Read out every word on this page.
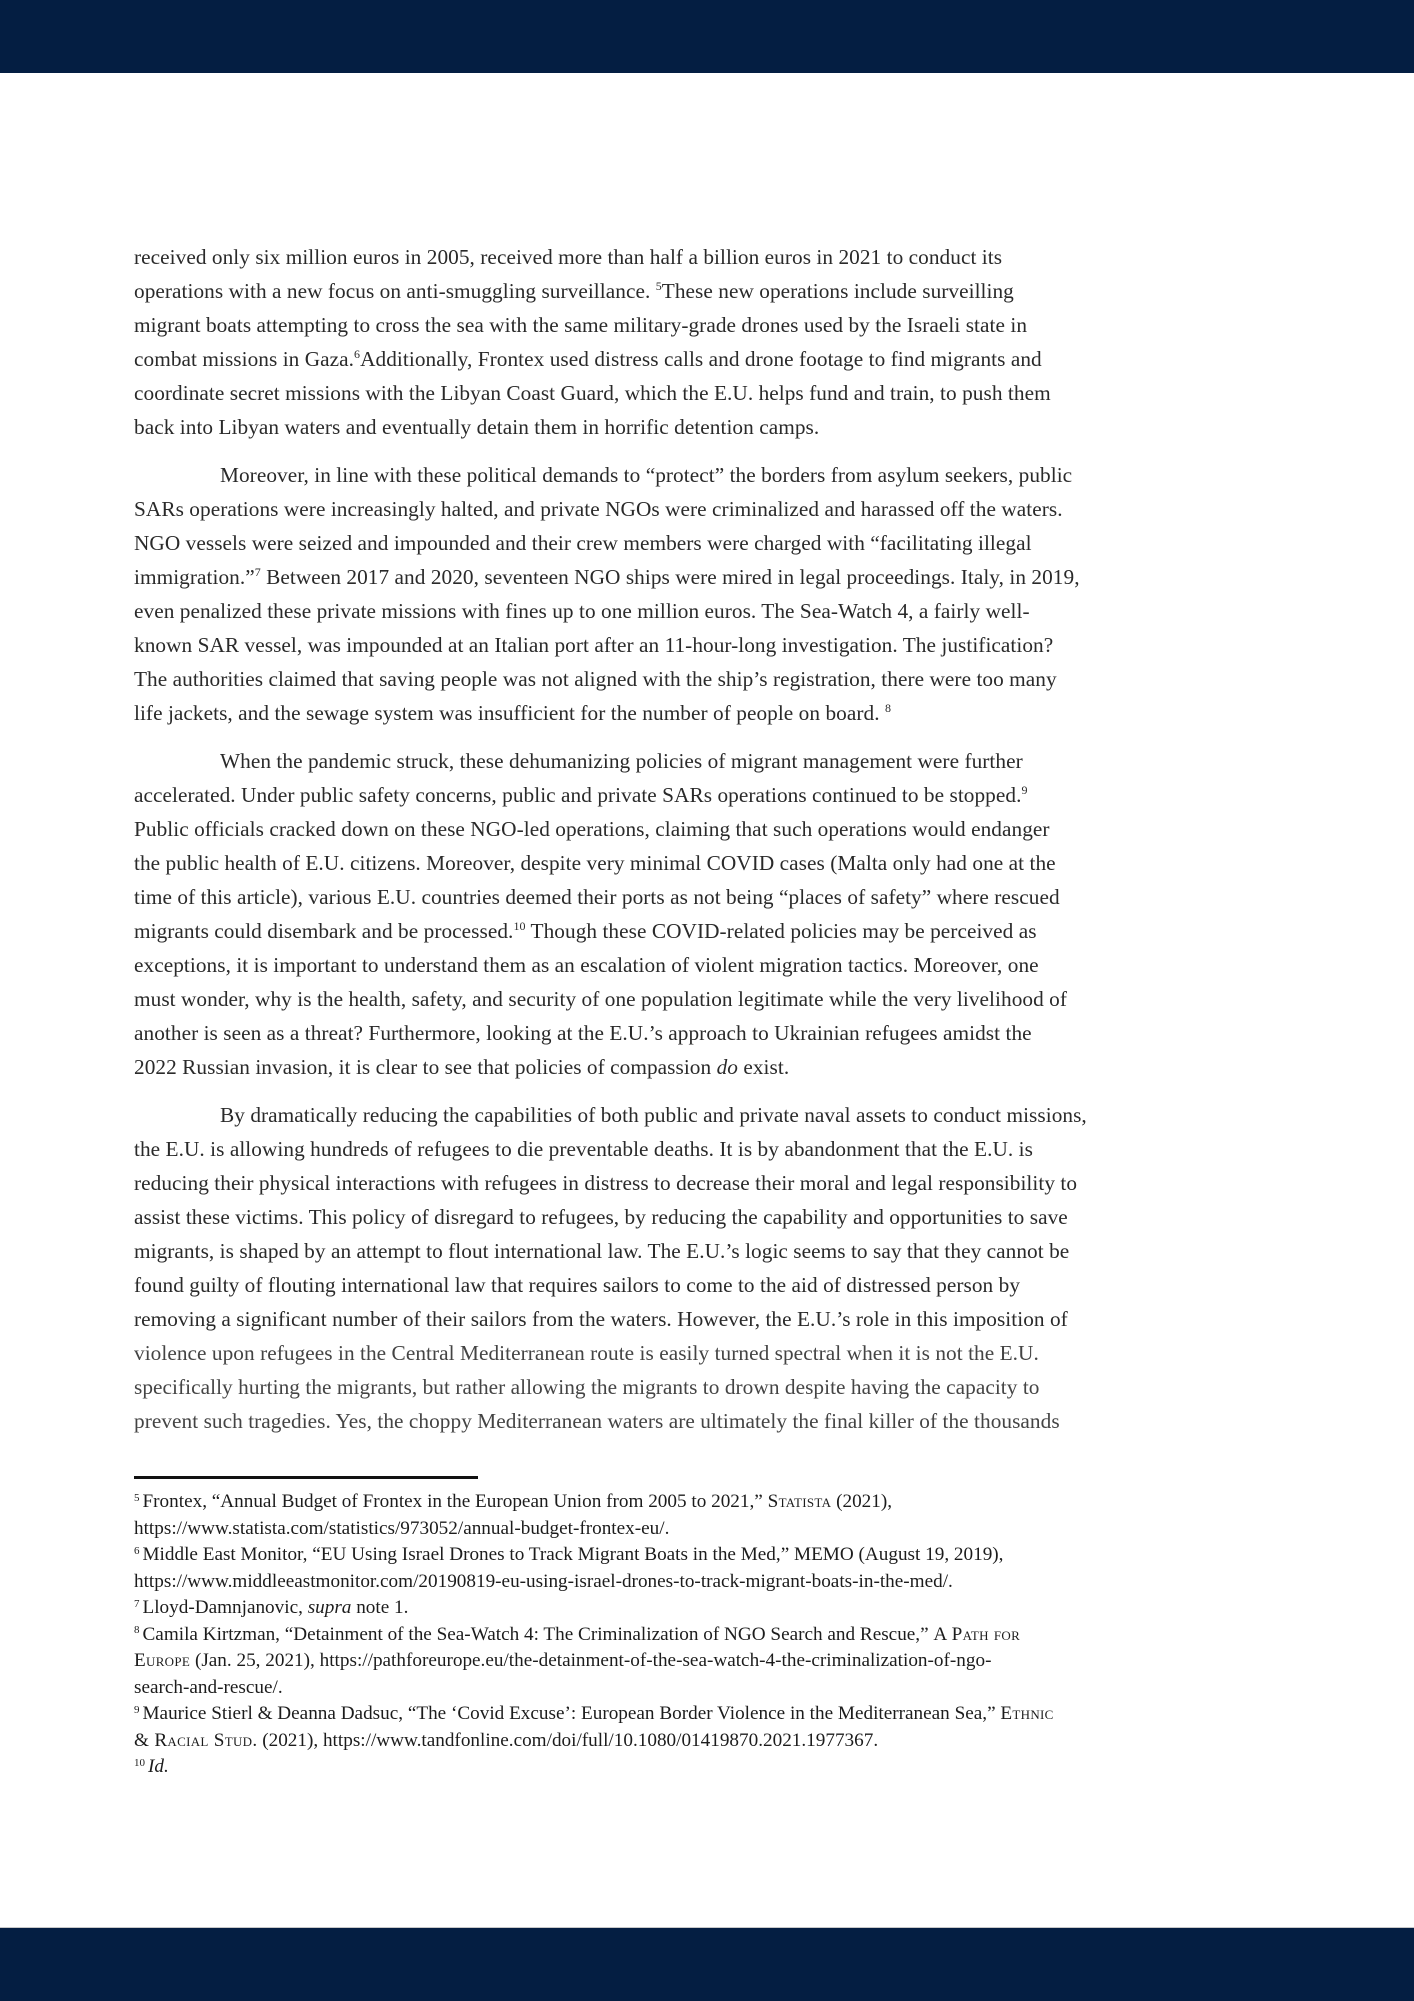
received only six million euros in 2005, received more than half a billion euros in 2021 to conduct its
operations with a new focus on anti-smuggling surveillance. $^5$These new operations include surveilling
migrant boats attempting to cross the sea with the same military-grade drones used by the Israeli state in
combat missions in Gaza.$^6$Additionally, Frontex used distress calls and drone footage to find migrants and
coordinate secret missions with the Libyan Coast Guard, which the E.U. helps fund and train, to push them
back into Libyan waters and eventually detain them in horrific detention camps.
Moreover, in line with these political demands to “protect” the borders from asylum seekers, public
SARs operations were increasingly halted, and private NGOs were criminalized and harassed off the waters.
NGO vessels were seized and impounded and their crew members were charged with “facilitating illegal
immigration.”$^7$ Between 2017 and 2020, seventeen NGO ships were mired in legal proceedings. Italy, in 2019,
even penalized these private missions with fines up to one million euros. The Sea-Watch 4, a fairly well-
known SAR vessel, was impounded at an Italian port after an 11-hour-long investigation. The justification?
The authorities claimed that saving people was not aligned with the ship’s registration, there were too many
life jackets, and the sewage system was insufficient for the number of people on board. $^8$
When the pandemic struck, these dehumanizing policies of migrant management were further
accelerated. Under public safety concerns, public and private SARs operations continued to be stopped.$^9$
Public officials cracked down on these NGO-led operations, claiming that such operations would endanger
the public health of E.U. citizens. Moreover, despite very minimal COVID cases (Malta only had one at the
time of this article), various E.U. countries deemed their ports as not being “places of safety” where rescued
migrants could disembark and be processed.$^{10}$ Though these COVID-related policies may be perceived as
exceptions, it is important to understand them as an escalation of violent migration tactics. Moreover, one
must wonder, why is the health, safety, and security of one population legitimate while the very livelihood of
another is seen as a threat? Furthermore, looking at the E.U.’s approach to Ukrainian refugees amidst the
2022 Russian invasion, it is clear to see that policies of compassion do exist.
By dramatically reducing the capabilities of both public and private naval assets to conduct missions,
the E.U. is allowing hundreds of refugees to die preventable deaths. It is by abandonment that the E.U. is
reducing their physical interactions with refugees in distress to decrease their moral and legal responsibility to
assist these victims. This policy of disregard to refugees, by reducing the capability and opportunities to save
migrants, is shaped by an attempt to flout international law. The E.U.’s logic seems to say that they cannot be
found guilty of flouting international law that requires sailors to come to the aid of distressed person by
removing a significant number of their sailors from the waters. However, the E.U.’s role in this imposition of
violence upon refugees in the Central Mediterranean route is easily turned spectral when it is not the E.U.
specifically hurting the migrants, but rather allowing the migrants to drown despite having the capacity to
prevent such tragedies. Yes, the choppy Mediterranean waters are ultimately the final killer of the thousands
$^5$ Frontex, “Annual Budget of Frontex in the European Union from 2005 to 2021,” Statista (2021),
https://www.statista.com/statistics/973052/annual-budget-frontex-eu/.
$^6$ Middle East Monitor, “EU Using Israel Drones to Track Migrant Boats in the Med,” MEMO (August 19, 2019),
https://www.middleeastmonitor.com/20190819-eu-using-israel-drones-to-track-migrant-boats-in-the-med/.
$^7$ Lloyd-Damnjanovic, supra note 1.
$^8$ Camila Kirtzman, “Detainment of the Sea-Watch 4: The Criminalization of NGO Search and Rescue,” A Path for
Europe (Jan. 25, 2021), https://pathforeurope.eu/the-detainment-of-the-sea-watch-4-the-criminalization-of-ngo-
search-and-rescue/.
$^9$ Maurice Stierl & Deanna Dadsuc, “The ‘Covid Excuse’: European Border Violence in the Mediterranean Sea,” Ethnic
& Racial Stud. (2021), https://www.tandfonline.com/doi/full/10.1080/01419870.2021.1977367.
$^{10}$ Id.
